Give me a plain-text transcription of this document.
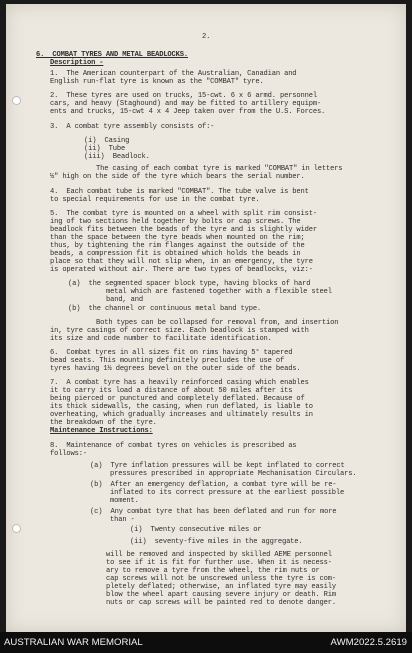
2.
6.  COMBAT TYRES AND METAL BEADLOCKS.
Description -
1.  The American counterpart of the Australian, Canadian and
English run-flat tyre is known as the "COMBAT" tyre.
2.  These tyres are used on trucks, 15-cwt. 6 x 6 armd. personnel
cars, and heavy (Staghound) and may be fitted to artillery equipm-
ents and trucks, 15-cwt 4 x 4 Jeep taken over from the U.S. Forces.
3.  A combat tyre assembly consists of:-
(i)  Casing
(ii)  Tube
(iii)  Beadlock.
The casing of each combat tyre is marked "COMBAT" in letters
½" high on the side of the tyre which bears the serial number.
4.  Each combat tube is marked "COMBAT". The tube valve is bent
to special requirements for use in the combat tyre.
5.  The combat tyre is mounted on a wheel with split rim consist-
ing of two sections held together by bolts or cap screws. The
beadlock fits between the beads of the tyre and is slightly wider
than the space between the tyre beads when mounted on the rim;
thus, by tightening the rim flanges against the outside of the
beads, a compression fit is obtained which holds the beads in
place so that they will not slip when, in an emergency, the tyre
is operated without air. There are two types of beadlocks, viz:-
(a)  the segmented spacer block type, having blocks of hard
metal which are fastened together with a flexible steel
band, and
(b)  the channel or continuous metal band type.
Both types can be collapsed for removal from, and insertion
in, tyre casings of correct size. Each beadlock is stamped with
its size and code number to facilitate identification.
6.  Combat tyres in all sizes fit on rims having 5° tapered
bead seats. This mounting definitely precludes the use of
tyres having 1½ degrees bevel on the outer side of the beads.
7.  A combat tyre has a heavily reinforced casing which enables
it to carry its load a distance of about 50 miles after its
being pierced or punctured and completely deflated. Because of
its thick sidewalls, the casing, when run deflated, is liable to
overheating, which gradually increases and ultimately results in
the breakdown of the tyre.
Maintenance Instructions:
8.  Maintenance of combat tyres on vehicles is prescribed as
follows:-
(a)  Tyre inflation pressures will be kept inflated to correct
pressures prescribed in appropriate Mechanisation Circulars.
(b)  After an emergency deflation, a combat tyre will be re-
inflated to its correct pressure at the earliest possible
moment.
(c)  Any combat tyre that has been deflated and run for more
than -
(i)  Twenty consecutive miles or
(ii)  seventy-five miles in the aggregate.
will be removed and inspected by skilled AEME personnel
to see if it is fit for further use. When it is necess-
ary to remove a tyre from the wheel, the rim nuts or
cap screws will not be unscrewed unless the tyre is com-
pletely deflated; otherwise, an inflated tyre may easily
blow the wheel apart causing severe injury or death. Rim
nuts or cap screws will be painted red to denote danger.
AUSTRALIAN WAR MEMORIAL	AWM2022.5.2619
